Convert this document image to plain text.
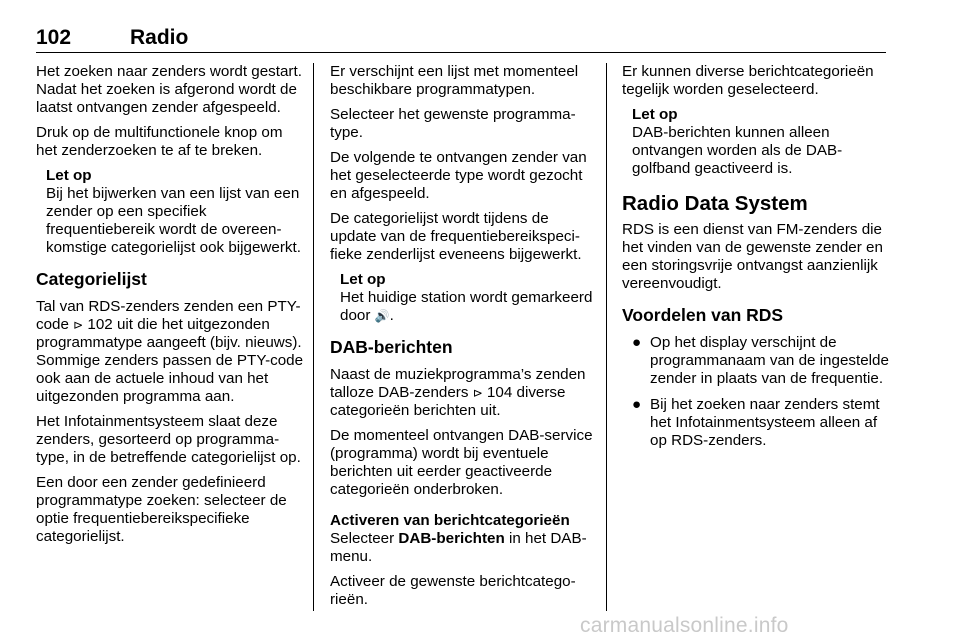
102	Radio

Het zoeken naar zenders wordt gestart. Nadat het zoeken is afgerond wordt de laatst ontvangen zender afgespeeld.

Druk op de multifunctionele knop om het zenderzoeken te af te breken.

Let op
Bij het bijwerken van een lijst van een zender op een specifiek frequentiebereik wordt de overeenkomstige categorielijst ook bijgewerkt.
Categorielijst

Tal van RDS-zenders zenden een PTY-code ⊳ 102 uit die het uitgezonden programmatype aangeeft (bijv. nieuws). Sommige zenders passen de PTY-code ook aan de actuele inhoud van het uitgezonden programma aan.

Het Infotainmentsysteem slaat deze zenders, gesorteerd op programmatype, in de betreffende categorielijst op.

Een door een zender gedefinieerd programmatype zoeken: selecteer de optie frequentiebereikspecifieke categorielijst.

Er verschijnt een lijst met momenteel beschikbare programmatypen.

Selecteer het gewenste programmatype.

De volgende te ontvangen zender van het geselecteerde type wordt gezocht en afgespeeld.

De categorielijst wordt tijdens de update van de frequentiebereikspecifieke zenderlijst eveneens bijgewerkt.

Let op
Het huidige station wordt gemarkeerd door 🔊.
DAB-berichten

Naast de muziekprogramma’s zenden talloze DAB-zenders ⊳ 104 diverse categorieën berichten uit.

De momenteel ontvangen DAB-service (programma) wordt bij eventuele berichten uit eerder geactiveerde categorieën onderbroken.

Activeren van berichtcategorieën

Selecteer DAB-berichten in het DAB-menu.

Activeer de gewenste berichtcategorieën.

Er kunnen diverse berichtcategorieën tegelijk worden geselecteerd.

Let op
DAB-berichten kunnen alleen ontvangen worden als de DAB-golfband geactiveerd is.
Radio Data System

RDS is een dienst van FM-zenders die het vinden van de gewenste zender en een storingsvrije ontvangst aanzienlijk vereenvoudigt.

Voordelen van RDS
● Op het display verschijnt de programmanaam van de ingestelde zender in plaats van de frequentie.
● Bij het zoeken naar zenders stemt het Infotainmentsysteem alleen af op RDS-zenders.
carmanualsonline.info
